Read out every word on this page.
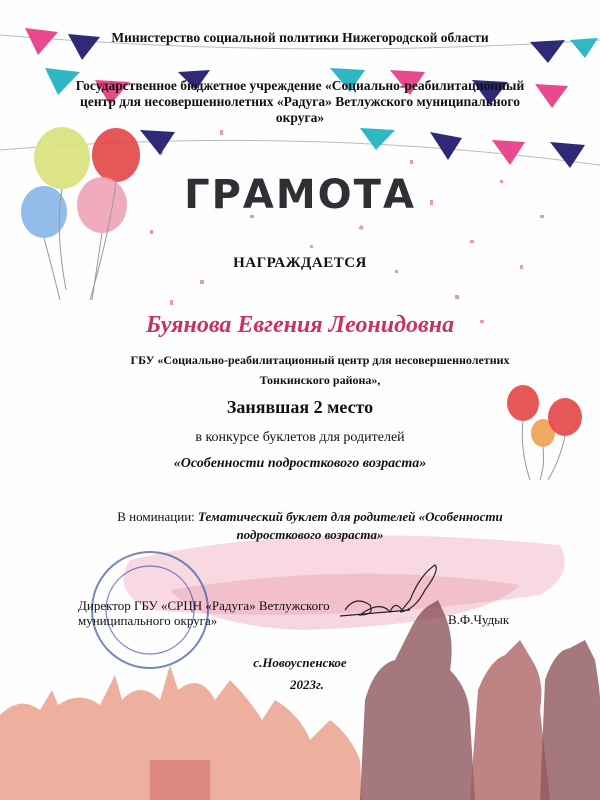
Министерство социальной политики Нижегородской области
Государственное бюджетное учреждение «Социально-реабилитационный центр для несовершеннолетних «Радуга» Ветлужского муниципального округа»
ГРАМОТА
НАГРАЖДАЕТСЯ
Буянова Евгения Леонидовна
ГБУ «Социально-реабилитационный центр для несовершеннолетних Тонкинского района»,
Занявшая 2 место
в конкурсе буклетов для родителей
«Особенности подросткового возраста»
В номинации: Тематический буклет для родителей «Особенности подросткового возраста»
Директор ГБУ «СРЦН «Радуга» Ветлужского муниципального округа»	В.Ф.Чудык
с.Новоуспенское
2023г.
